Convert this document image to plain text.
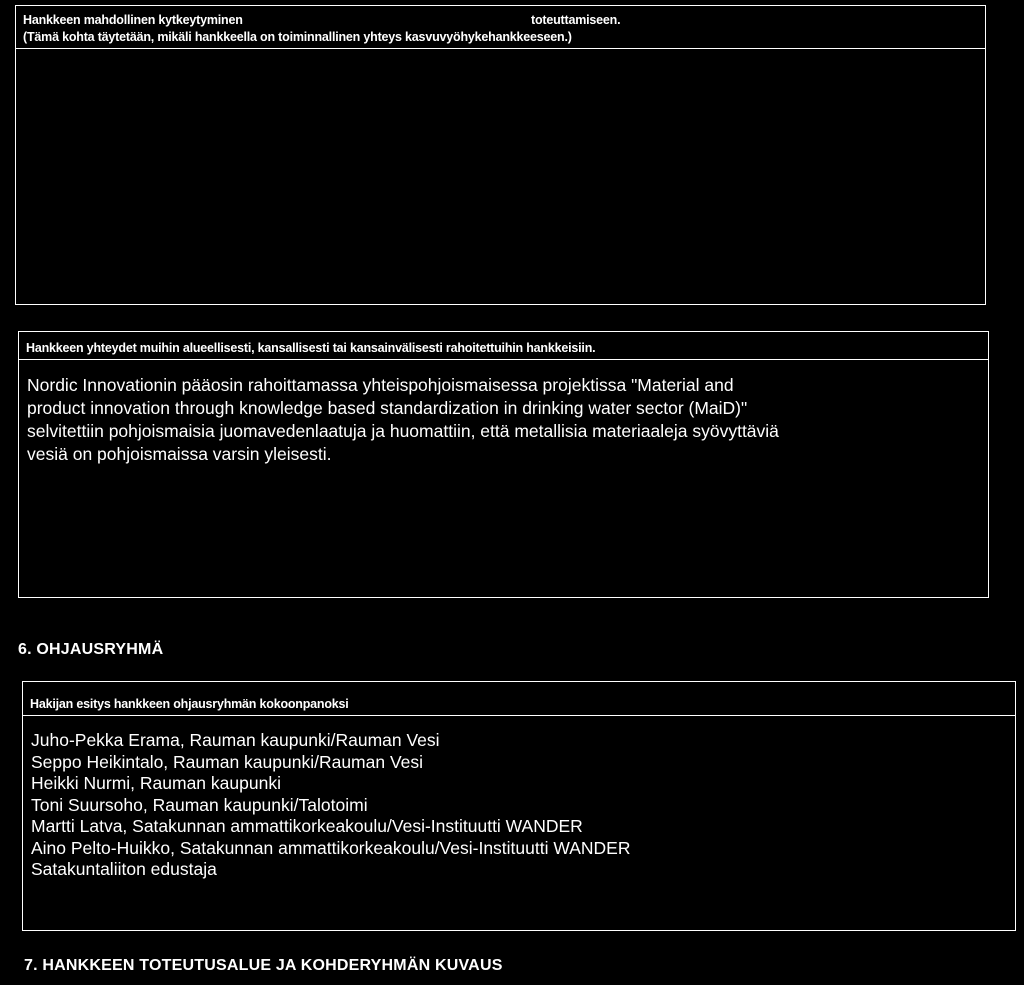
Hankkeen mahdollinen kytkeytyminen	toteuttamiseen.
(Tämä kohta täytetään, mikäli hankkeella on toiminnallinen yhteys kasvuvyöhykehankkeeseen.)
Hankkeen yhteydet muihin alueellisesti, kansallisesti tai kansainvälisesti rahoitettuihin hankkeisiin.
Nordic Innovationin pääosin rahoittamassa yhteispohjoismaisessa projektissa "Material and
product innovation through knowledge based standardization in drinking water sector (MaiD)"
selvitettiin pohjoismaisia juomavedenlaatuja ja huomattiin, että metallisia materiaaleja syövyttäviä
vesiä on pohjoismaissa varsin yleisesti.
6. OHJAUSRYHMÄ
Hakijan esitys hankkeen ohjausryhmän kokoonpanoksi
Juho-Pekka Erama, Rauman kaupunki/Rauman Vesi
Seppo Heikintalo, Rauman kaupunki/Rauman Vesi
Heikki Nurmi, Rauman kaupunki
Toni Suursoho, Rauman kaupunki/Talotoimi
Martti Latva, Satakunnan ammattikorkeakoulu/Vesi-Instituutti WANDER
Aino Pelto-Huikko, Satakunnan ammattikorkeakoulu/Vesi-Instituutti WANDER
Satakuntaliiton edustaja
7. HANKKEEN TOTEUTUSALUE JA KOHDERYHMÄN KUVAUS
